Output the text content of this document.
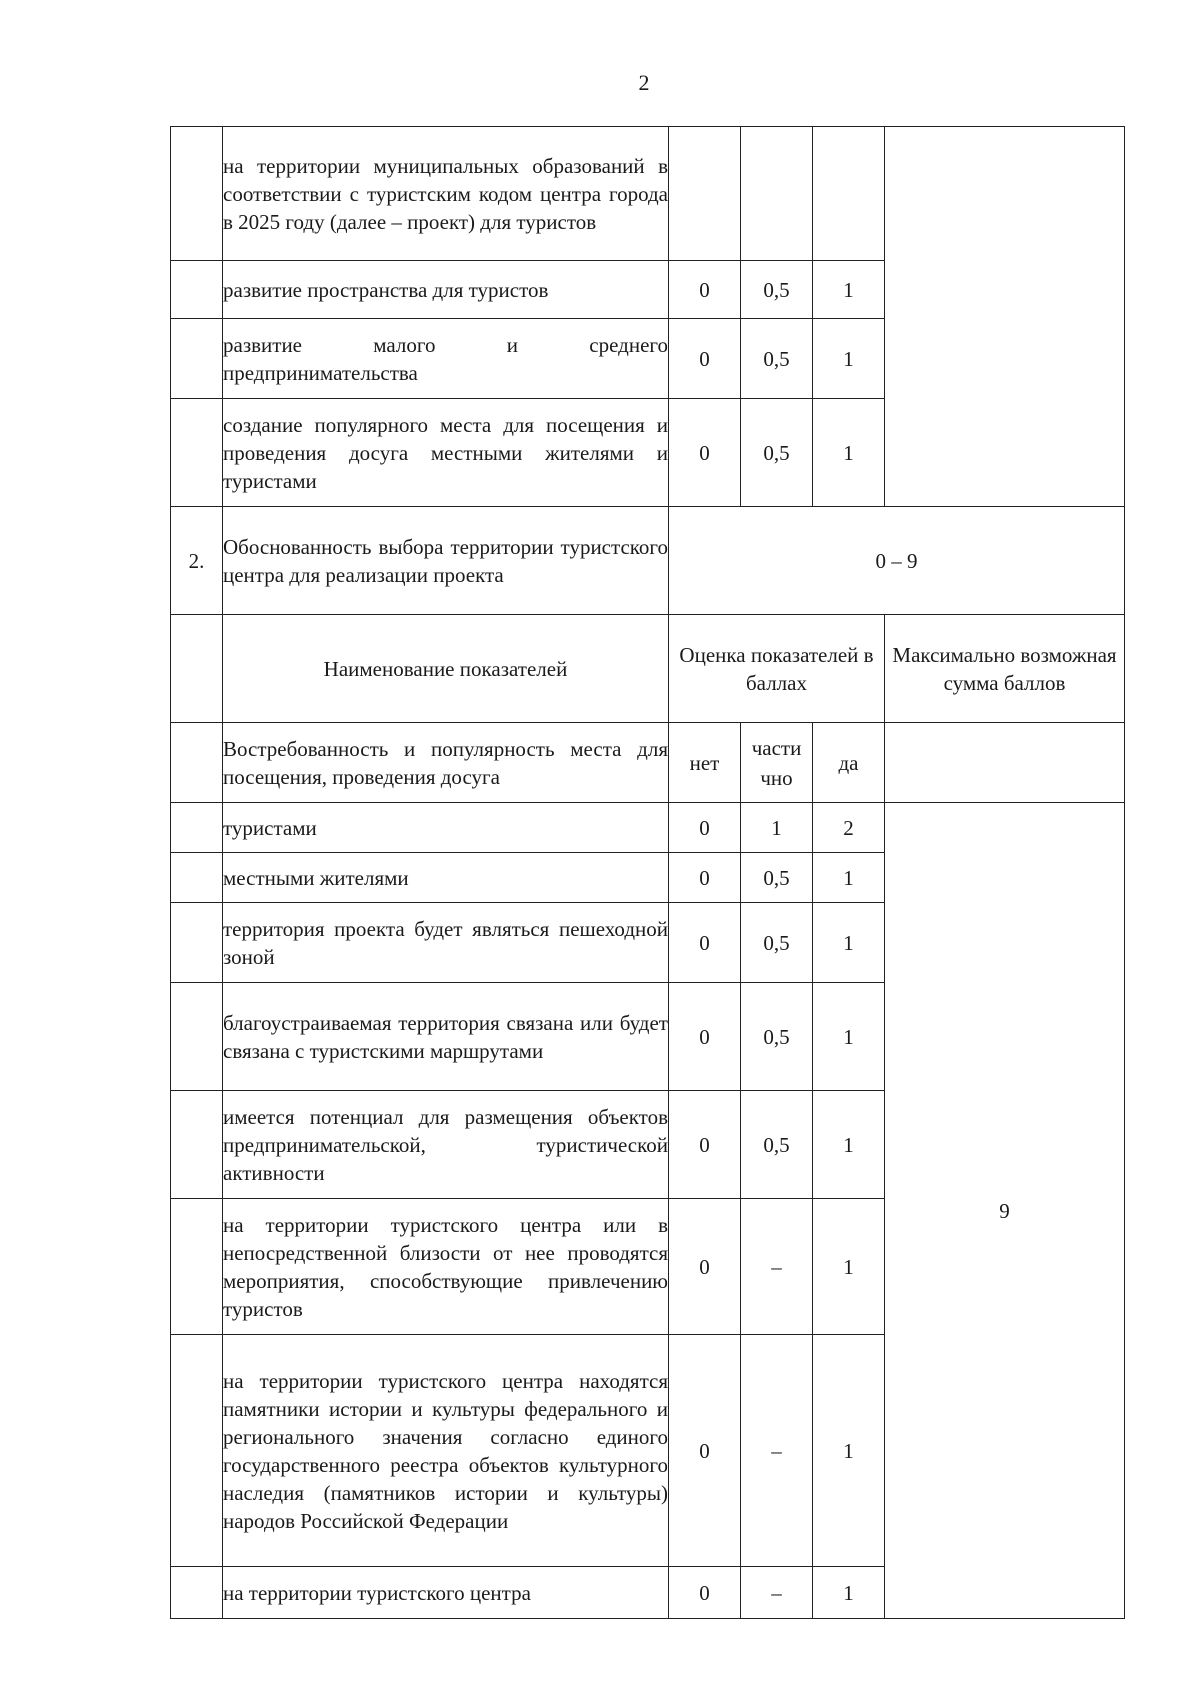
2
	на территории муниципальных образований в соответствии с туристским кодом центра города в 2025 году (далее – проект) для туристов				
	развитие пространства для туристов	0	0,5	1	
	развитие малого и среднего предпринимательства	0	0,5	1	
	создание популярного места для посещения и проведения досуга местными жителями и туристами	0	0,5	1	
2.	Обоснованность выбора территории туристского центра для реализации проекта	0 – 9			
	Наименование показателей	Оценка показателей в баллах			Максимально возможная сумма баллов
	Востребованность и популярность места для посещения, проведения досуга	нет	части чно	да	
	туристами	0	1	2	9
	местными жителями	0	0,5	1	
	территория проекта будет являться пешеходной зоной	0	0,5	1	
	благоустраиваемая территория связана или будет связана с туристскими маршрутами	0	0,5	1	
	имеется потенциал для размещения объектов предпринимательской, туристической активности	0	0,5	1	
	на территории туристского центра или в непосредственной близости от нее проводятся мероприятия, способствующие привлечению туристов	0	–	1	
	на территории туристского центра находятся памятники истории и культуры федерального и регионального значения согласно единого государственного реестра объектов культурного наследия (памятников истории и культуры) народов Российской Федерации	0	–	1	
	на территории туристского центра	0	–	1	
